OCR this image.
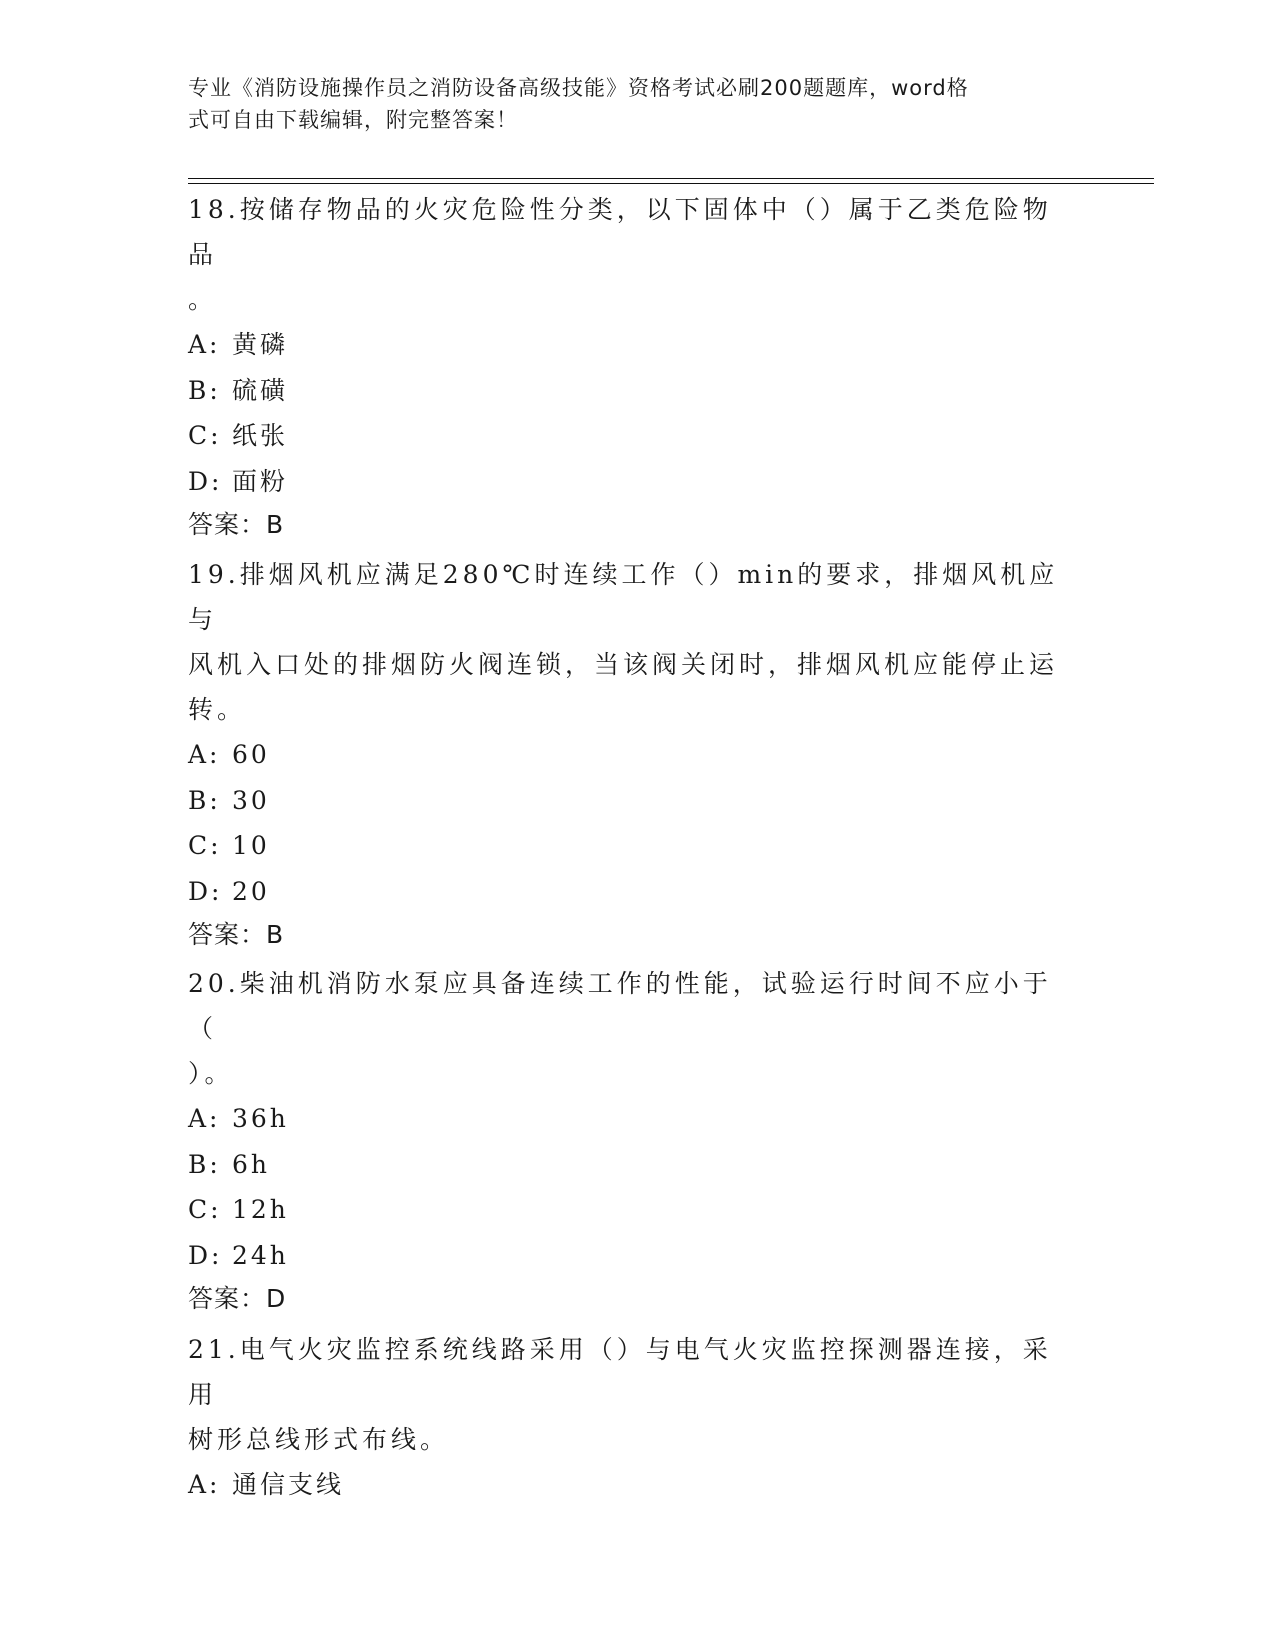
专业《消防设施操作员之消防设备高级技能》资格考试必刷200题题库，word格
式可自由下载编辑，附完整答案！

18.按储存物品的火灾危险性分类，以下固体中（）属于乙类危险物品

。

A: 黄磷

B: 硫磺

C: 纸张

D: 面粉

答案：B

19.排烟风机应满足280℃时连续工作（）min的要求，排烟风机应与

风机入口处的排烟防火阀连锁，当该阀关闭时，排烟风机应能停止运

转。

A: 60

B: 30

C: 10

D: 20

答案：B

20.柴油机消防水泵应具备连续工作的性能，试验运行时间不应小于（

）。

A: 36h

B: 6h

C: 12h

D: 24h

答案：D

21.电气火灾监控系统线路采用（）与电气火灾监控探测器连接，采用

树形总线形式布线。

A: 通信支线
